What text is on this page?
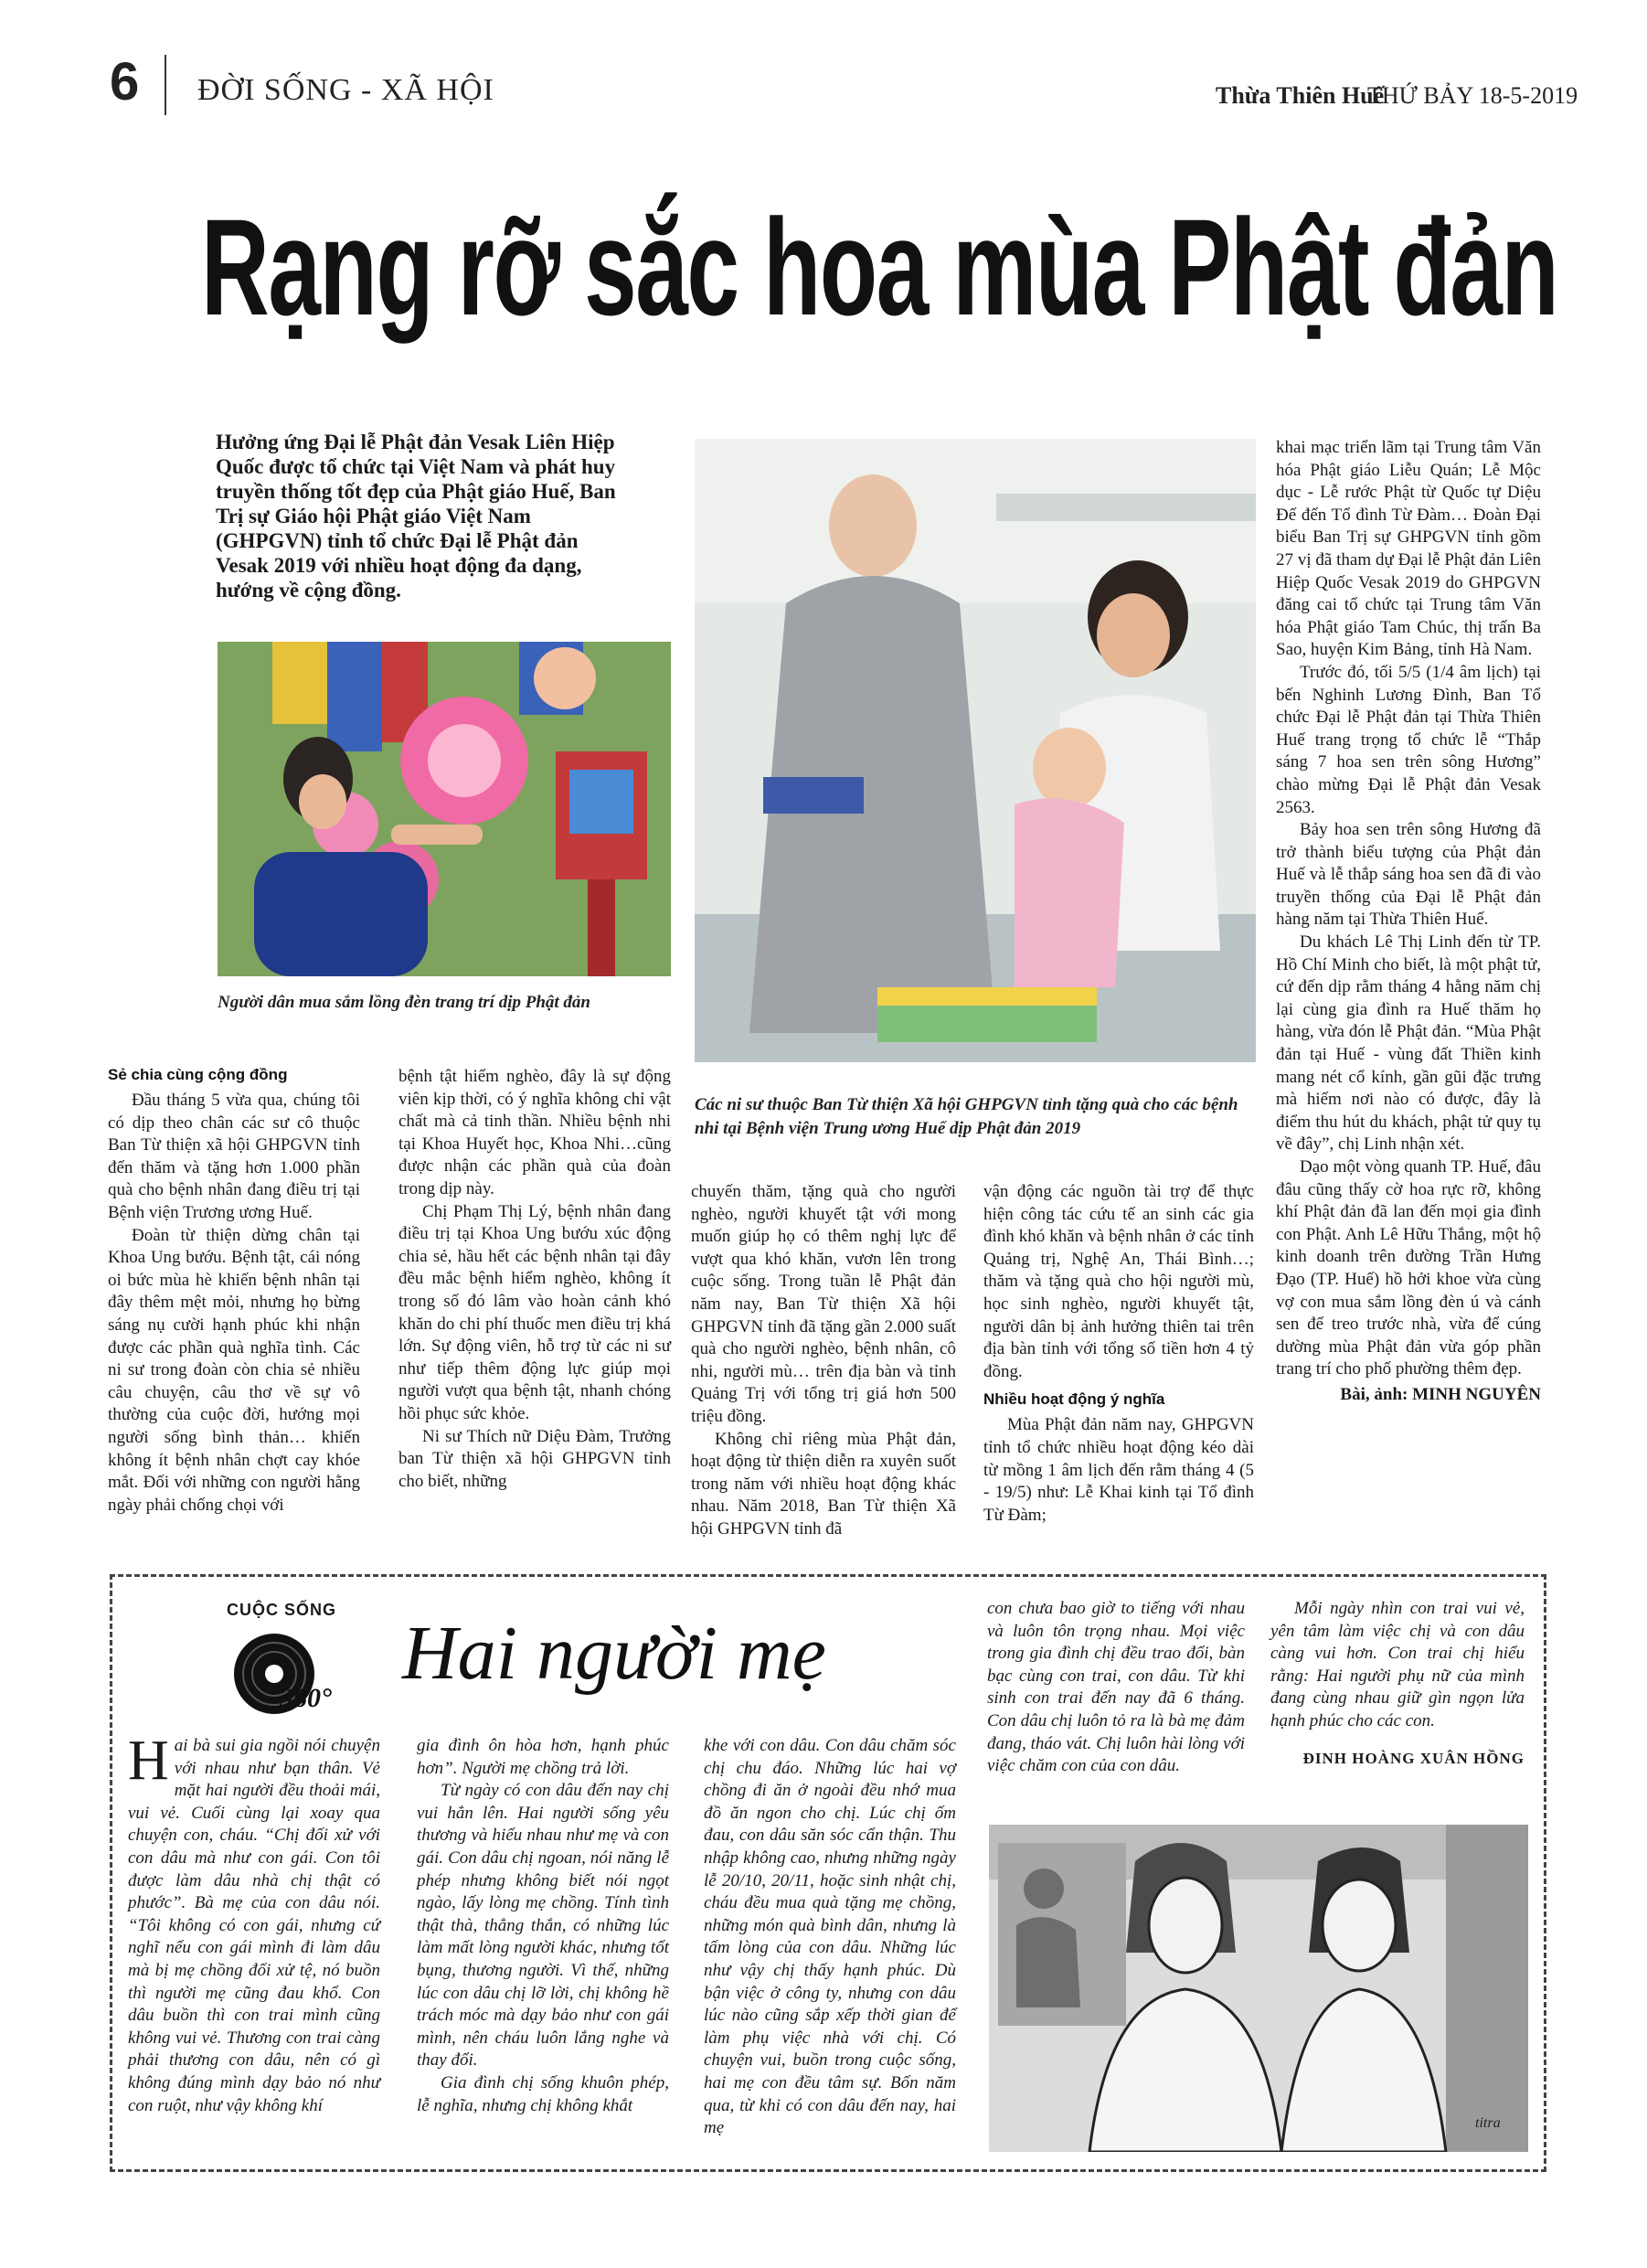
6 ĐỜI SỐNG - XÃ HỘI	Thừa Thiên Huế
THỨ BẢY 18-5-2019
Rạng rỡ sắc hoa mùa Phật đản
Hưởng ứng Đại lễ Phật đản Vesak Liên Hiệp Quốc được tổ chức tại Việt Nam và phát huy truyền thống tốt đẹp của Phật giáo Huế, Ban Trị sự Giáo hội Phật giáo Việt Nam (GHPGVN) tỉnh tổ chức Đại lễ Phật đản Vesak 2019 với nhiều hoạt động đa dạng, hướng về cộng đồng.
Người dân mua sắm lồng đèn trang trí dịp Phật đản
Các ni sư thuộc Ban Từ thiện Xã hội GHPGVN tỉnh tặng quà cho các bệnh nhi tại Bệnh viện Trung ương Huế dịp Phật đản 2019
Sẻ chia cùng cộng đồng

Đầu tháng 5 vừa qua, chúng tôi có dịp theo chân các sư cô thuộc Ban Từ thiện xã hội GHPGVN tỉnh đến thăm và tặng hơn 1.000 phần quà cho bệnh nhân đang điều trị tại Bệnh viện Trương ương Huế.

Đoàn từ thiện dừng chân tại Khoa Ung bướu. Bệnh tật, cái nóng oi bức mùa hè khiến bệnh nhân tại đây thêm mệt mỏi, nhưng họ bừng sáng nụ cười hạnh phúc khi nhận được các phần quà nghĩa tình. Các ni sư trong đoàn còn chia sẻ nhiều câu chuyện, câu thơ về sự vô thường của cuộc đời, hướng mọi người sống bình thản… khiến không ít bệnh nhân chợt cay khóe mắt. Đối với những con người hằng ngày phải chống chọi với

bệnh tật hiểm nghèo, đây là sự động viên kịp thời, có ý nghĩa không chỉ vật chất mà cả tinh thần. Nhiều bệnh nhi tại Khoa Huyết học, Khoa Nhi…cũng được nhận các phần quà của đoàn trong dịp này.

Chị Phạm Thị Lý, bệnh nhân đang điều trị tại Khoa Ung bướu xúc động chia sẻ, hầu hết các bệnh nhân tại đây đều mắc bệnh hiểm nghèo, không ít trong số đó lâm vào hoàn cảnh khó khăn do chi phí thuốc men điều trị khá lớn. Sự động viên, hỗ trợ từ các ni sư như tiếp thêm động lực giúp mọi người vượt qua bệnh tật, nhanh chóng hồi phục sức khỏe.

Ni sư Thích nữ Diệu Đàm, Trưởng ban Từ thiện xã hội GHPGVN tỉnh cho biết, những

chuyến thăm, tặng quà cho người nghèo, người khuyết tật với mong muốn giúp họ có thêm nghị lực để vượt qua khó khăn, vươn lên trong cuộc sống. Trong tuần lễ Phật đản năm nay, Ban Từ thiện Xã hội GHPGVN tỉnh đã tặng gần 2.000 suất quà cho người nghèo, bệnh nhân, cô nhi, người mù… trên địa bàn và tỉnh Quảng Trị với tổng trị giá hơn 500 triệu đồng.

Không chỉ riêng mùa Phật đản, hoạt động từ thiện diễn ra xuyên suốt trong năm với nhiều hoạt động khác nhau. Năm 2018, Ban Từ thiện Xã hội GHPGVN tỉnh đã

vận động các nguồn tài trợ để thực hiện công tác cứu tế an sinh các gia đình khó khăn và bệnh nhân ở các tỉnh Quảng trị, Nghệ An, Thái Bình…; thăm và tặng quà cho hội người mù, học sinh nghèo, người khuyết tật, người dân bị ảnh hưởng thiên tai trên địa bàn tỉnh với tổng số tiền hơn 4 tỷ đồng.

Nhiều hoạt động ý nghĩa

Mùa Phật đản năm nay, GHPGVN tỉnh tổ chức nhiều hoạt động kéo dài từ mồng 1 âm lịch đến rằm tháng 4 (5 - 19/5) như: Lễ Khai kinh tại Tổ đình Từ Đàm;

khai mạc triển lãm tại Trung tâm Văn hóa Phật giáo Liễu Quán; Lễ Mộc dục - Lễ rước Phật từ Quốc tự Diệu Đế đến Tổ đình Từ Đàm… Đoàn Đại biểu Ban Trị sự GHPGVN tỉnh gồm 27 vị đã tham dự Đại lễ Phật đản Liên Hiệp Quốc Vesak 2019 do GHPGVN đăng cai tổ chức tại Trung tâm Văn hóa Phật giáo Tam Chúc, thị trấn Ba Sao, huyện Kim Bảng, tỉnh Hà Nam.

Trước đó, tối 5/5 (1/4 âm lịch) tại bến Nghinh Lương Đình, Ban Tổ chức Đại lễ Phật đản tại Thừa Thiên Huế trang trọng tổ chức lễ “Thắp sáng 7 hoa sen trên sông Hương” chào mừng Đại lễ Phật đản Vesak 2563.

Bảy hoa sen trên sông Hương đã trở thành biểu tượng của Phật đản Huế và lễ thắp sáng hoa sen đã đi vào truyền thống của Đại lễ Phật đản hàng năm tại Thừa Thiên Huế.

Du khách Lê Thị Linh đến từ TP. Hồ Chí Minh cho biết, là một phật tử, cứ đến dịp rằm tháng 4 hằng năm chị lại cùng gia đình ra Huế thăm họ hàng, vừa đón lễ Phật đản. “Mùa Phật đản tại Huế - vùng đất Thiền kinh mang nét cổ kính, gần gũi đặc trưng mà hiếm nơi nào có được, đây là điểm thu hút du khách, phật tử quy tụ về đây”, chị Linh nhận xét.

Dạo một vòng quanh TP. Huế, đâu đâu cũng thấy cờ hoa rực rỡ, không khí Phật đản đã lan đến mọi gia đình con Phật. Anh Lê Hữu Thắng, một hộ kinh doanh trên đường Trần Hưng Đạo (TP. Huế) hồ hởi khoe vừa cùng vợ con mua sắm lồng đèn ú và cánh sen để treo trước nhà, vừa để cúng dường mùa Phật đản vừa góp phần trang trí cho phố phường thêm đẹp.

Bài, ảnh: MINH NGUYÊN
CUỘC SỐNG
360°
Hai người mẹ
Hai bà sui gia ngồi nói chuyện với nhau như bạn thân. Vẻ mặt hai người đều thoải mái, vui vẻ. Cuối cùng lại xoay qua chuyện con, cháu. “Chị đối xử với con dâu mà như con gái. Con tôi được làm dâu nhà chị thật có phước”. Bà mẹ của con dâu nói. “Tôi không có con gái, nhưng cứ nghĩ nếu con gái mình đi làm dâu mà bị mẹ chồng đối xử tệ, nó buồn thì người mẹ cũng đau khổ. Con dâu buồn thì con trai mình cũng không vui vẻ. Thương con trai càng phải thương con dâu, nên có gì không đúng mình dạy bảo nó như con ruột, như vậy không khí

gia đình ôn hòa hơn, hạnh phúc hơn”. Người mẹ chồng trả lời.

Từ ngày có con dâu đến nay chị vui hẳn lên. Hai người sống yêu thương và hiểu nhau như mẹ và con gái. Con dâu chị ngoan, nói năng lễ phép nhưng không biết nói ngọt ngào, lấy lòng mẹ chồng. Tính tình thật thà, thẳng thắn, có những lúc làm mất lòng người khác, nhưng tốt bụng, thương người. Vì thế, những lúc con dâu chị lỡ lời, chị không hề trách móc mà dạy bảo như con gái mình, nên cháu luôn lắng nghe và thay đổi.

Gia đình chị sống khuôn phép, lễ nghĩa, nhưng chị không khắt

khe với con dâu. Con dâu chăm sóc chị chu đáo. Những lúc hai vợ chồng đi ăn ở ngoài đều nhớ mua đồ ăn ngon cho chị. Lúc chị ốm đau, con dâu săn sóc cẩn thận. Thu nhập không cao, nhưng những ngày lễ 20/10, 20/11, hoặc sinh nhật chị, cháu đều mua quà tặng mẹ chồng, những món quà bình dân, nhưng là tấm lòng của con dâu. Những lúc như vậy chị thấy hạnh phúc. Dù bận việc ở công ty, nhưng con dâu lúc nào cũng sắp xếp thời gian để làm phụ việc nhà với chị. Có chuyện vui, buồn trong cuộc sống, hai mẹ con đều tâm sự. Bốn năm qua, từ khi có con dâu đến nay, hai mẹ

con chưa bao giờ to tiếng với nhau và luôn tôn trọng nhau. Mọi việc trong gia đình chị đều trao đổi, bàn bạc cùng con trai, con dâu. Từ khi sinh con trai đến nay đã 6 tháng. Con dâu chị luôn tỏ ra là bà mẹ đảm đang, tháo vát. Chị luôn hài lòng với việc chăm con của con dâu.

Mỗi ngày nhìn con trai vui vẻ, yên tâm làm việc chị và con dâu càng vui hơn. Con trai chị hiểu rằng: Hai người phụ nữ của mình đang cùng nhau giữ gìn ngọn lửa hạnh phúc cho các con.

ĐINH HOÀNG XUÂN HỒNG
titra
